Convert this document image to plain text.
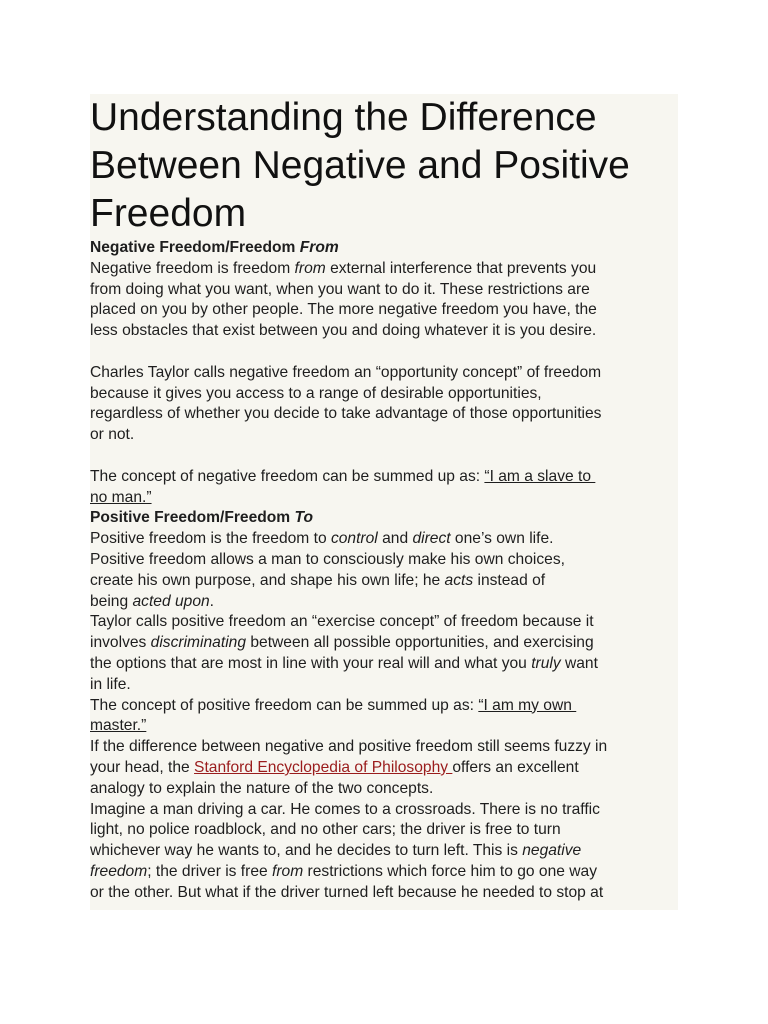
Understanding the Difference
Between Negative and Positive
Freedom
Negative Freedom/Freedom From
Negative freedom is freedom from external interference that prevents you
from doing what you want, when you want to do it. These restrictions are
placed on you by other people. The more negative freedom you have, the
less obstacles that exist between you and doing whatever it is you desire.
Charles Taylor calls negative freedom an “opportunity concept” of freedom
because it gives you access to a range of desirable opportunities,
regardless of whether you decide to take advantage of those opportunities
or not.
The concept of negative freedom can be summed up as: “I am a slave to
no man.”
Positive Freedom/Freedom To
Positive freedom is the freedom to control and direct one’s own life.
Positive freedom allows a man to consciously make his own choices,
create his own purpose, and shape his own life; he acts instead of
being acted upon.
Taylor calls positive freedom an “exercise concept” of freedom because it
involves discriminating between all possible opportunities, and exercising
the options that are most in line with your real will and what you truly want
in life.
The concept of positive freedom can be summed up as: “I am my own
master.”
If the difference between negative and positive freedom still seems fuzzy in
your head, the Stanford Encyclopedia of Philosophy offers an excellent
analogy to explain the nature of the two concepts.
Imagine a man driving a car. He comes to a crossroads. There is no traffic
light, no police roadblock, and no other cars; the driver is free to turn
whichever way he wants to, and he decides to turn left. This is negative
freedom; the driver is free from restrictions which force him to go one way
or the other. But what if the driver turned left because he needed to stop at
